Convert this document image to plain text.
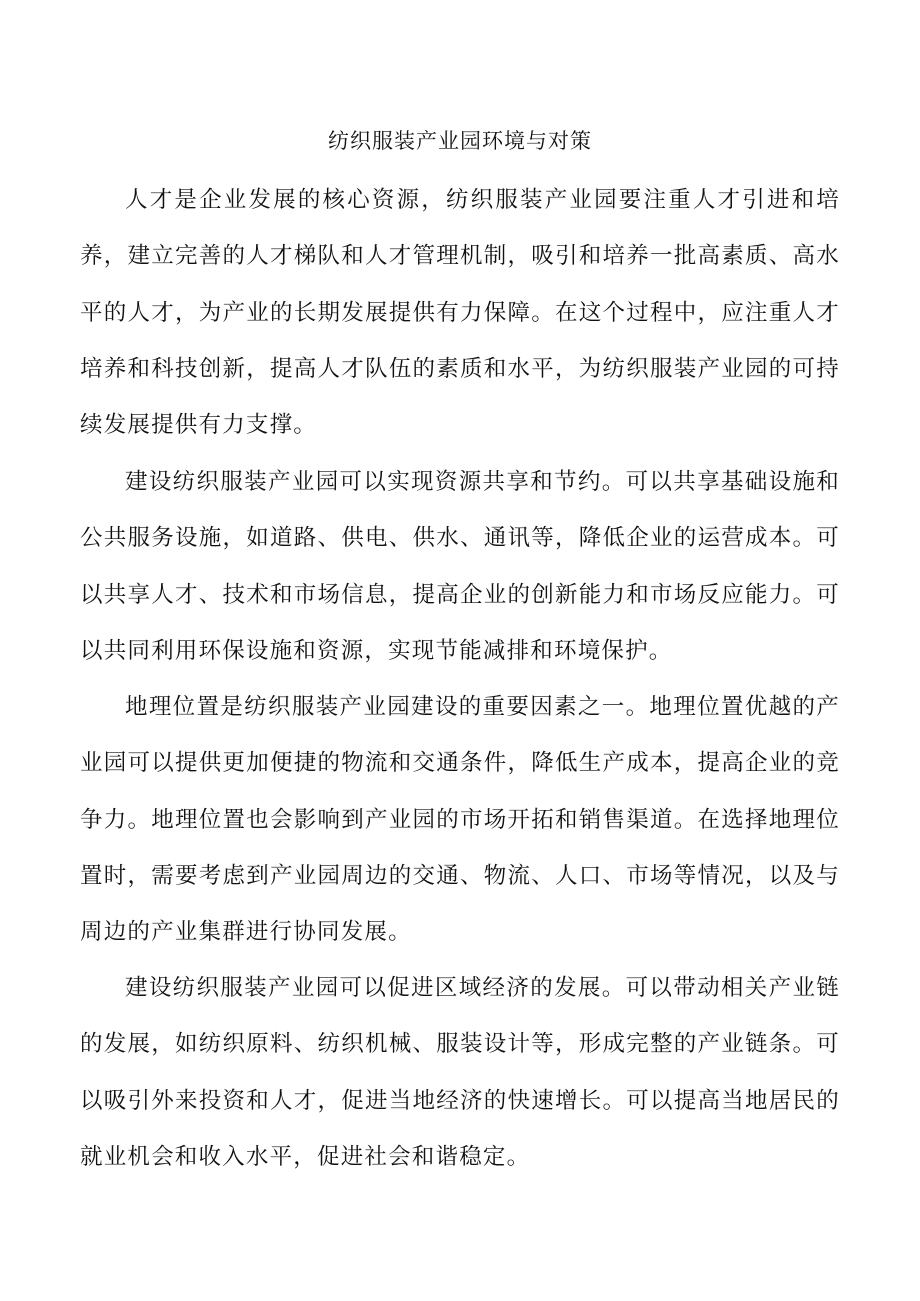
纺织服装产业园环境与对策

人才是企业发展的核心资源，纺织服装产业园要注重人才引进和培养，建立完善的人才梯队和人才管理机制，吸引和培养一批高素质、高水平的人才，为产业的长期发展提供有力保障。在这个过程中，应注重人才培养和科技创新，提高人才队伍的素质和水平，为纺织服装产业园的可持续发展提供有力支撑。

建设纺织服装产业园可以实现资源共享和节约。可以共享基础设施和公共服务设施，如道路、供电、供水、通讯等，降低企业的运营成本。可以共享人才、技术和市场信息，提高企业的创新能力和市场反应能力。可以共同利用环保设施和资源，实现节能减排和环境保护。

地理位置是纺织服装产业园建设的重要因素之一。地理位置优越的产业园可以提供更加便捷的物流和交通条件，降低生产成本，提高企业的竞争力。地理位置也会影响到产业园的市场开拓和销售渠道。在选择地理位置时，需要考虑到产业园周边的交通、物流、人口、市场等情况，以及与周边的产业集群进行协同发展。

建设纺织服装产业园可以促进区域经济的发展。可以带动相关产业链的发展，如纺织原料、纺织机械、服装设计等，形成完整的产业链条。可以吸引外来投资和人才，促进当地经济的快速增长。可以提高当地居民的就业机会和收入水平，促进社会和谐稳定。
